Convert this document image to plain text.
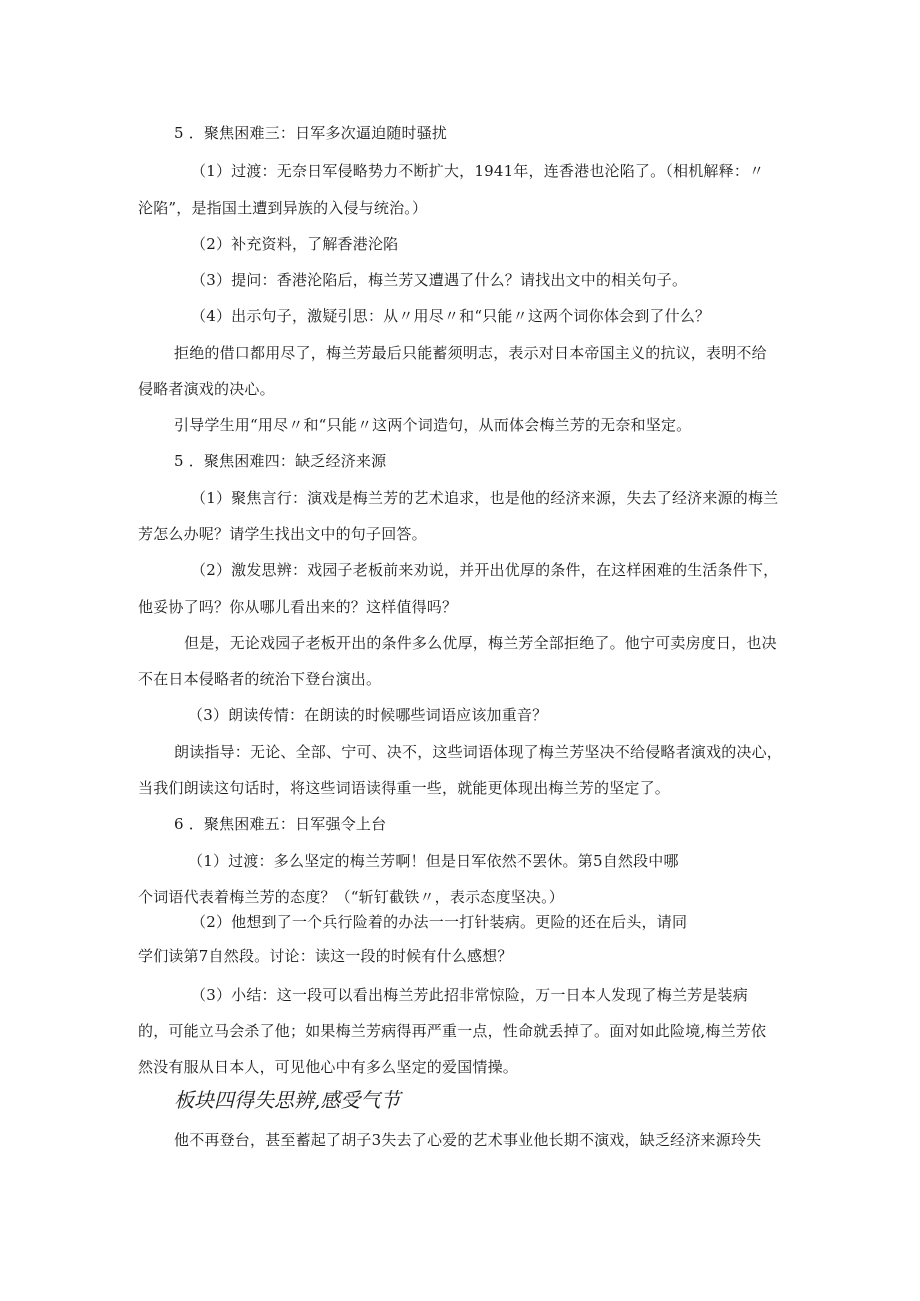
5 ．聚焦困难三：日军多次逼迫随时骚扰
（1）过渡：无奈日军侵略势力不断扩大，1941年，连香港也沦陷了。（相机解释：〃
沦陷”，是指国土遭到异族的入侵与统治。）
（2）补充资料，了解香港沦陷
（3）提问：香港沦陷后，梅兰芳又遭遇了什么？请找出文中的相关句子。
（4）出示句子，激疑引思：从〃用尽〃和“只能〃这两个词你体会到了什么？
拒绝的借口都用尽了，梅兰芳最后只能蓄须明志，表示对日本帝国主义的抗议，表明不给
侵略者演戏的决心。
引导学生用“用尽〃和“只能〃这两个词造句，从而体会梅兰芳的无奈和坚定。
5 ．聚焦困难四：缺乏经济来源
（1）聚焦言行：演戏是梅兰芳的艺术追求，也是他的经济来源，失去了经济来源的梅兰
芳怎么办呢？请学生找出文中的句子回答。
（2）激发思辨：戏园子老板前来劝说，并开出优厚的条件，在这样困难的生活条件下，
他妥协了吗？你从哪儿看出来的？这样值得吗？
但是，无论戏园子老板开出的条件多么优厚，梅兰芳全部拒绝了。他宁可卖房度日，也决
不在日本侵略者的统治下登台演出。
（3）朗读传情：在朗读的时候哪些词语应该加重音？
朗读指导：无论、全部、宁可、决不，这些词语体现了梅兰芳坚决不给侵略者演戏的决心，
当我们朗读这句话时，将这些词语读得重一些，就能更体现出梅兰芳的坚定了。
6 ．聚焦困难五：日军强令上台
（1）过渡：多么坚定的梅兰芳啊！但是日军依然不罢休。第5自然段中哪
个词语代表着梅兰芳的态度？（“斩钉截铁〃，表示态度坚决。）
（2）他想到了一个兵行险着的办法一一打针装病。更险的还在后头，请同
学们读第7自然段。讨论：读这一段的时候有什么感想？
（3）小结：这一段可以看出梅兰芳此招非常惊险，万一日本人发现了梅兰芳是装病
的，可能立马会杀了他；如果梅兰芳病得再严重一点，性命就丢掉了。面对如此险境,梅兰芳依
然没有服从日本人，可见他心中有多么坚定的爱国情操。
板块四得失思辨,感受气节
他不再登台，甚至蓄起了胡子3失去了心爱的艺术事业他长期不演戏，缺乏经济来源玲失
